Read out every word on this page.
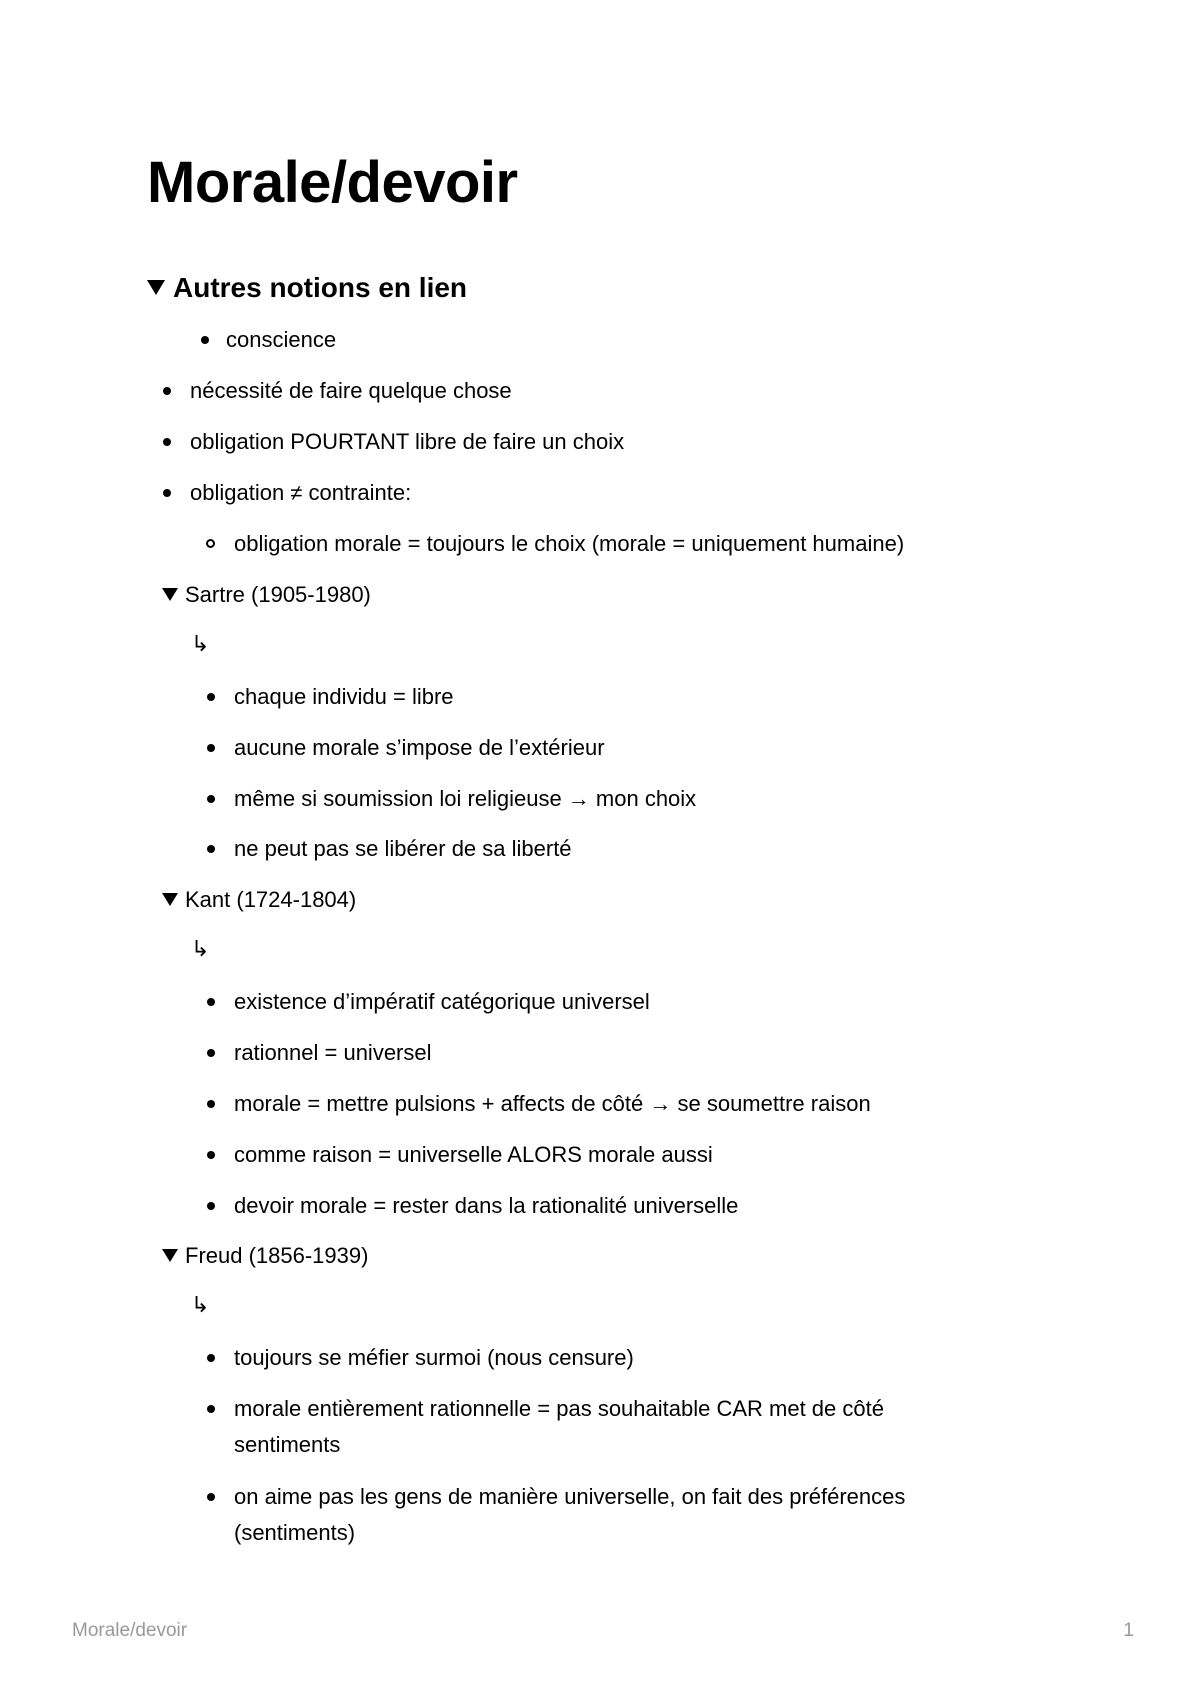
Morale/devoir
Autres notions en lien
conscience
nécessité de faire quelque chose
obligation POURTANT libre de faire un choix
obligation ≠ contrainte:
obligation morale = toujours le choix (morale = uniquement humaine)
Sartre (1905-1980)
↳
chaque individu = libre
aucune morale s’impose de l’extérieur
même si soumission loi religieuse → mon choix
ne peut pas se libérer de sa liberté
Kant (1724-1804)
↳
existence d’impératif catégorique universel
rationnel = universel
morale = mettre pulsions + affects de côté → se soumettre raison
comme raison = universelle ALORS morale aussi
devoir morale = rester dans la rationalité universelle
Freud (1856-1939)
↳
toujours se méfier surmoi (nous censure)
morale entièrement rationnelle = pas souhaitable CAR met de côté sentiments
on aime pas les gens de manière universelle, on fait des préférences (sentiments)
Morale/devoir	1
